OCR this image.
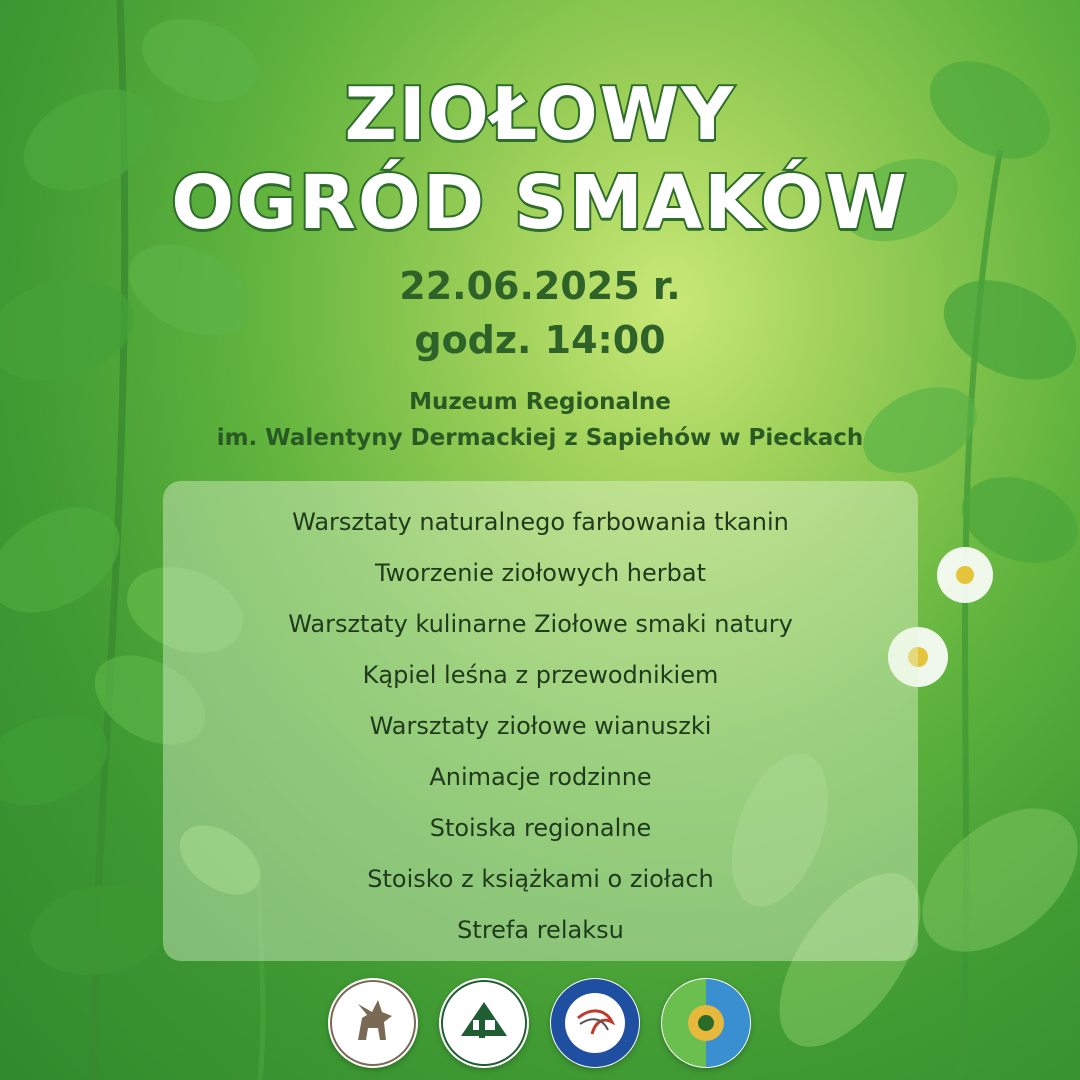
ZIOŁOWY
OGRÓD SMAKÓW
22.06.2025 r.
godz. 14:00
Muzeum Regionalne
im. Walentyny Dermackiej z Sapiehów w Pieckach
Warsztaty naturalnego farbowania tkanin
Tworzenie ziołowych herbat
Warsztaty kulinarne Ziołowe smaki natury
Kąpiel leśna z przewodnikiem
Warsztaty ziołowe wianuszki
Animacje rodzinne
Stoiska regionalne
Stoisko z książkami o ziołach
Strefa relaksu
